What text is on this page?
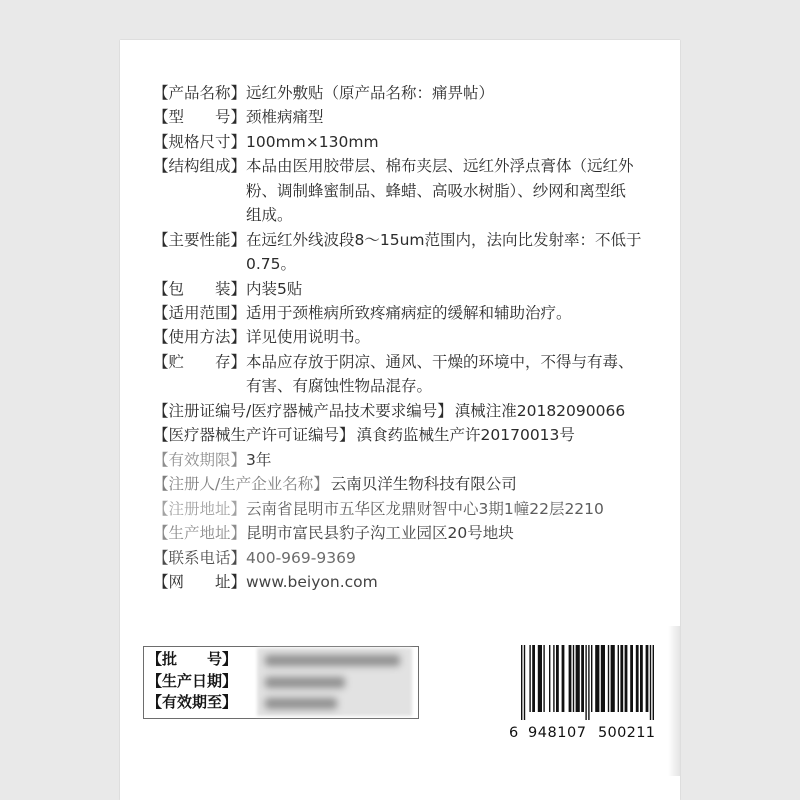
【产品名称】 远红外敷贴（原产品名称：痛畀帖）
【型　　号】 颈椎病痛型
【规格尺寸】 100mm×130mm
【结构组成】 本品由医用胶带层、棉布夹层、远红外浮点膏体（远红外
粉、调制蜂蜜制品、蜂蜡、高吸水树脂）、纱网和离型纸
组成。
【主要性能】 在远红外线波段8～15um范围内，法向比发射率：不低于
0.75。
【包　　装】 内装5贴
【适用范围】 适用于颈椎病所致疼痛病症的缓解和辅助治疗。
【使用方法】 详见使用说明书。
【贮　　存】 本品应存放于阴凉、通风、干燥的环境中，不得与有毒、
有害、有腐蚀性物品混存。
【注册证编号/医疗器械产品技术要求编号】 滇械注准20182090066
【医疗器械生产许可证编号】 滇食药监械生产许20170013号
【有效期限】 3年
【注册人/生产企业名称】 云南贝洋生物科技有限公司
【注册地址】 云南省昆明市五华区龙鼎财智中心3期1幢22层2210
【生产地址】 昆明市富民县豹子沟工业园区20号地块
【联系电话】 400-969-9369
【网　　址】 www.beiyon.com
【批　　号】
【生产日期】
【有效期至】
6 948107 500211
